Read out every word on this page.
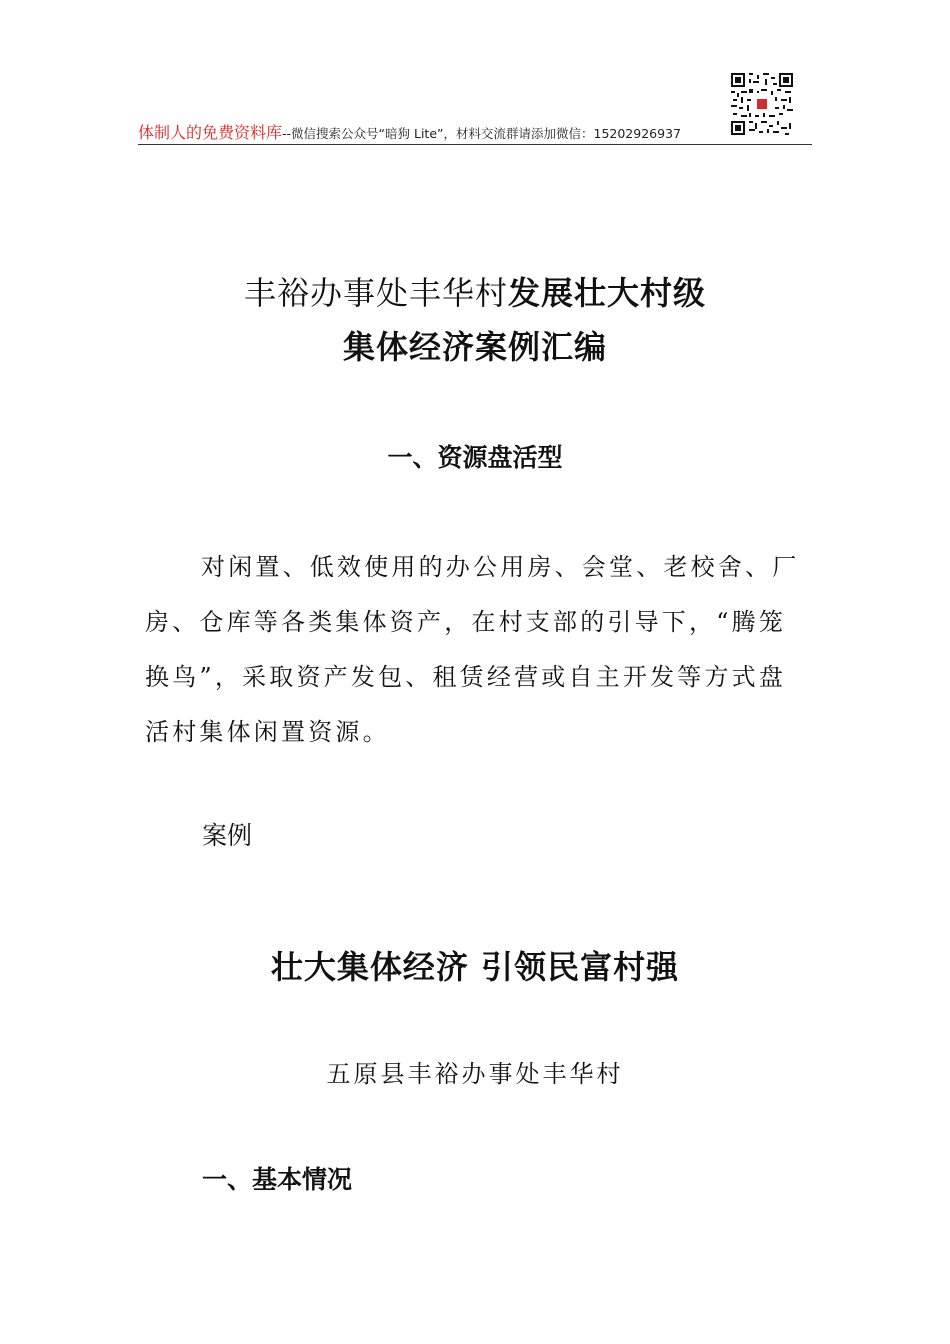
体制人的免费资料库--微信搜索公众号“暗狗 Lite”，材料交流群请添加微信：15202926937
丰裕办事处丰华村发展壮大村级
集体经济案例汇编
一、资源盘活型

对闲置、低效使用的办公用房、会堂、老校舍、厂房、仓库等各类集体资产，在村支部的引导下，“腾笼换鸟”，采取资产发包、租赁经营或自主开发等方式盘活村集体闲置资源。

案例
壮大集体经济 引领民富村强
五原县丰裕办事处丰华村
一、基本情况
